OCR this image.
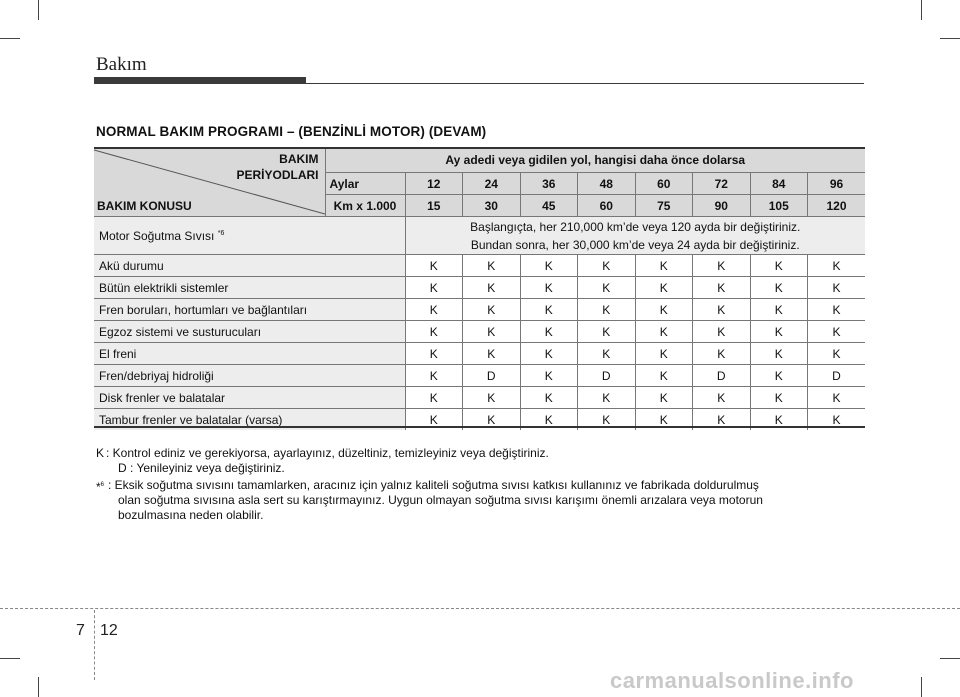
Bakım
NORMAL BAKIM PROGRAMI – (BENZİNLİ MOTOR) (DEVAM)
BAKIM
PERİYODLARI
BAKIM KONUSU	Ay adedi veya gidilen yol, hangisi daha önce dolarsa								
	Aylar	12	24	36	48	60	72	84	96
	Km x 1.000	15	30	45	60	75	90	105	120
Motor Soğutma Sıvısı $^{*6}$		Başlangıçta, her 210,000 km’de veya 120 ayda bir değiştiriniz.
Bundan sonra, her 30,000 km’de veya 24 ayda bir değiştiriniz.							

Akü durumu		K	K	K	K	K	K	K	K
Bütün elektrikli sistemler		K	K	K	K	K	K	K	K
Fren boruları, hortumları ve bağlantıları		K	K	K	K	K	K	K	K
Egzoz sistemi ve susturucuları		K	K	K	K	K	K	K	K
El freni		K	K	K	K	K	K	K	K
Fren/debriyaj hidroliği		K	D	K	D	K	D	K	D
Disk frenler ve balatalar		K	K	K	K	K	K	K	K
Tambur frenler ve balatalar (varsa)		K	K	K	K	K	K	K	K
K : Kontrol ediniz ve gerekiyorsa, ayarlayınız, düzeltiniz, temizleyiniz veya değiştiriniz.
D : Yenileyiniz veya değiştiriniz.
*$^6$ : Eksik soğutma sıvısını tamamlarken, aracınız için yalnız kaliteli soğutma sıvısı katkısı kullanınız ve fabrikada doldurulmuş
olan soğutma sıvısına asla sert su karıştırmayınız. Uygun olmayan soğutma sıvısı karışımı önemli arızalara veya motorun
bozulmasına neden olabilir.
7 12
carmanualsonline.info
